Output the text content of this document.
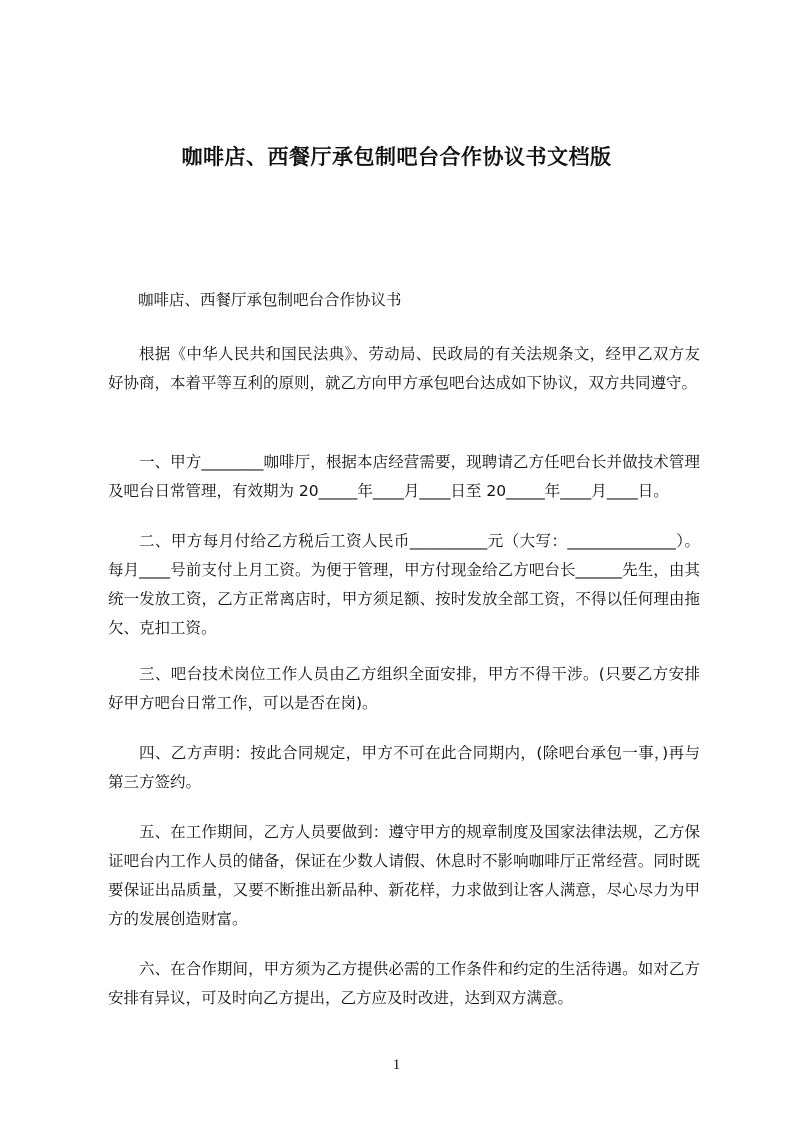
咖啡店、西餐厅承包制吧台合作协议书文档版
咖啡店、西餐厅承包制吧台合作协议书
根据《中华人民共和国民法典》、劳动局、民政局的有关法规条文，经甲乙双方友好协商，本着平等互利的原则，就乙方向甲方承包吧台达成如下协议，双方共同遵守。
一、甲方________咖啡厅，根据本店经营需要，现聘请乙方任吧台长并做技术管理及吧台日常管理，有效期为 20_____年____月____日至 20_____年____月____日。
二、甲方每月付给乙方税后工资人民币__________元（大写：______________）。每月____号前支付上月工资。为便于管理，甲方付现金给乙方吧台长______先生，由其统一发放工资，乙方正常离店时，甲方须足额、按时发放全部工资，不得以任何理由拖欠、克扣工资。
三、吧台技术岗位工作人员由乙方组织全面安排，甲方不得干涉。(只要乙方安排好甲方吧台日常工作，可以是否在岗)。
四、乙方声明：按此合同规定，甲方不可在此合同期内，(除吧台承包一事，)再与第三方签约。
五、在工作期间，乙方人员要做到：遵守甲方的规章制度及国家法律法规，乙方保证吧台内工作人员的储备，保证在少数人请假、休息时不影响咖啡厅正常经营。同时既要保证出品质量，又要不断推出新品种、新花样，力求做到让客人满意，尽心尽力为甲方的发展创造财富。
六、在合作期间，甲方须为乙方提供必需的工作条件和约定的生活待遇。如对乙方安排有异议，可及时向乙方提出，乙方应及时改进，达到双方满意。
1
